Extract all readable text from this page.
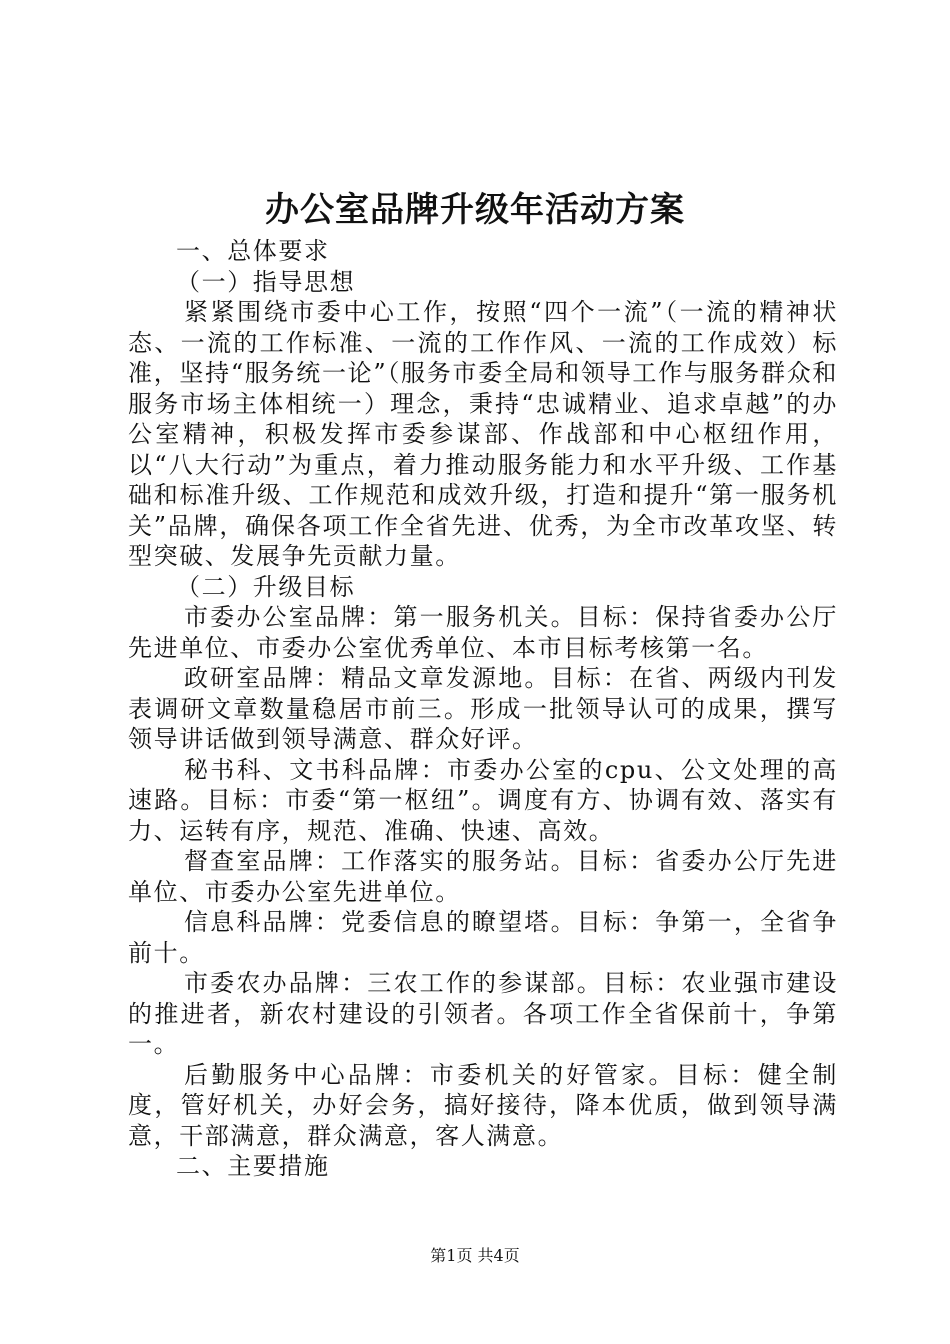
办公室品牌升级年活动方案

一、总体要求

（一）指导思想

紧紧围绕市委中心工作，按照“四个一流”（一流的精神状态、一流的工作标准、一流的工作作风、一流的工作成效）标准，坚持“服务统一论”（服务市委全局和领导工作与服务群众和服务市场主体相统一）理念，秉持“忠诚精业、追求卓越”的办公室精神，积极发挥市委参谋部、作战部和中心枢纽作用，以“八大行动”为重点，着力推动服务能力和水平升级、工作基础和标准升级、工作规范和成效升级，打造和提升“第一服务机关”品牌，确保各项工作全省先进、优秀，为全市改革攻坚、转型突破、发展争先贡献力量。

（二）升级目标

市委办公室品牌：第一服务机关。目标：保持省委办公厅先进单位、市委办公室优秀单位、本市目标考核第一名。

政研室品牌：精品文章发源地。目标：在省、两级内刊发表调研文章数量稳居市前三。形成一批领导认可的成果，撰写领导讲话做到领导满意、群众好评。

秘书科、文书科品牌：市委办公室的cpu、公文处理的高速路。目标：市委“第一枢纽”。调度有方、协调有效、落实有力、运转有序，规范、准确、快速、高效。

督查室品牌：工作落实的服务站。目标：省委办公厅先进单位、市委办公室先进单位。

信息科品牌：党委信息的瞭望塔。目标：争第一，全省争前十。

市委农办品牌：三农工作的参谋部。目标：农业强市建设的推进者，新农村建设的引领者。各项工作全省保前十，争第一。

后勤服务中心品牌：市委机关的好管家。目标：健全制度，管好机关，办好会务，搞好接待，降本优质，做到领导满意，干部满意，群众满意，客人满意。

二、主要措施

第1页 共4页
